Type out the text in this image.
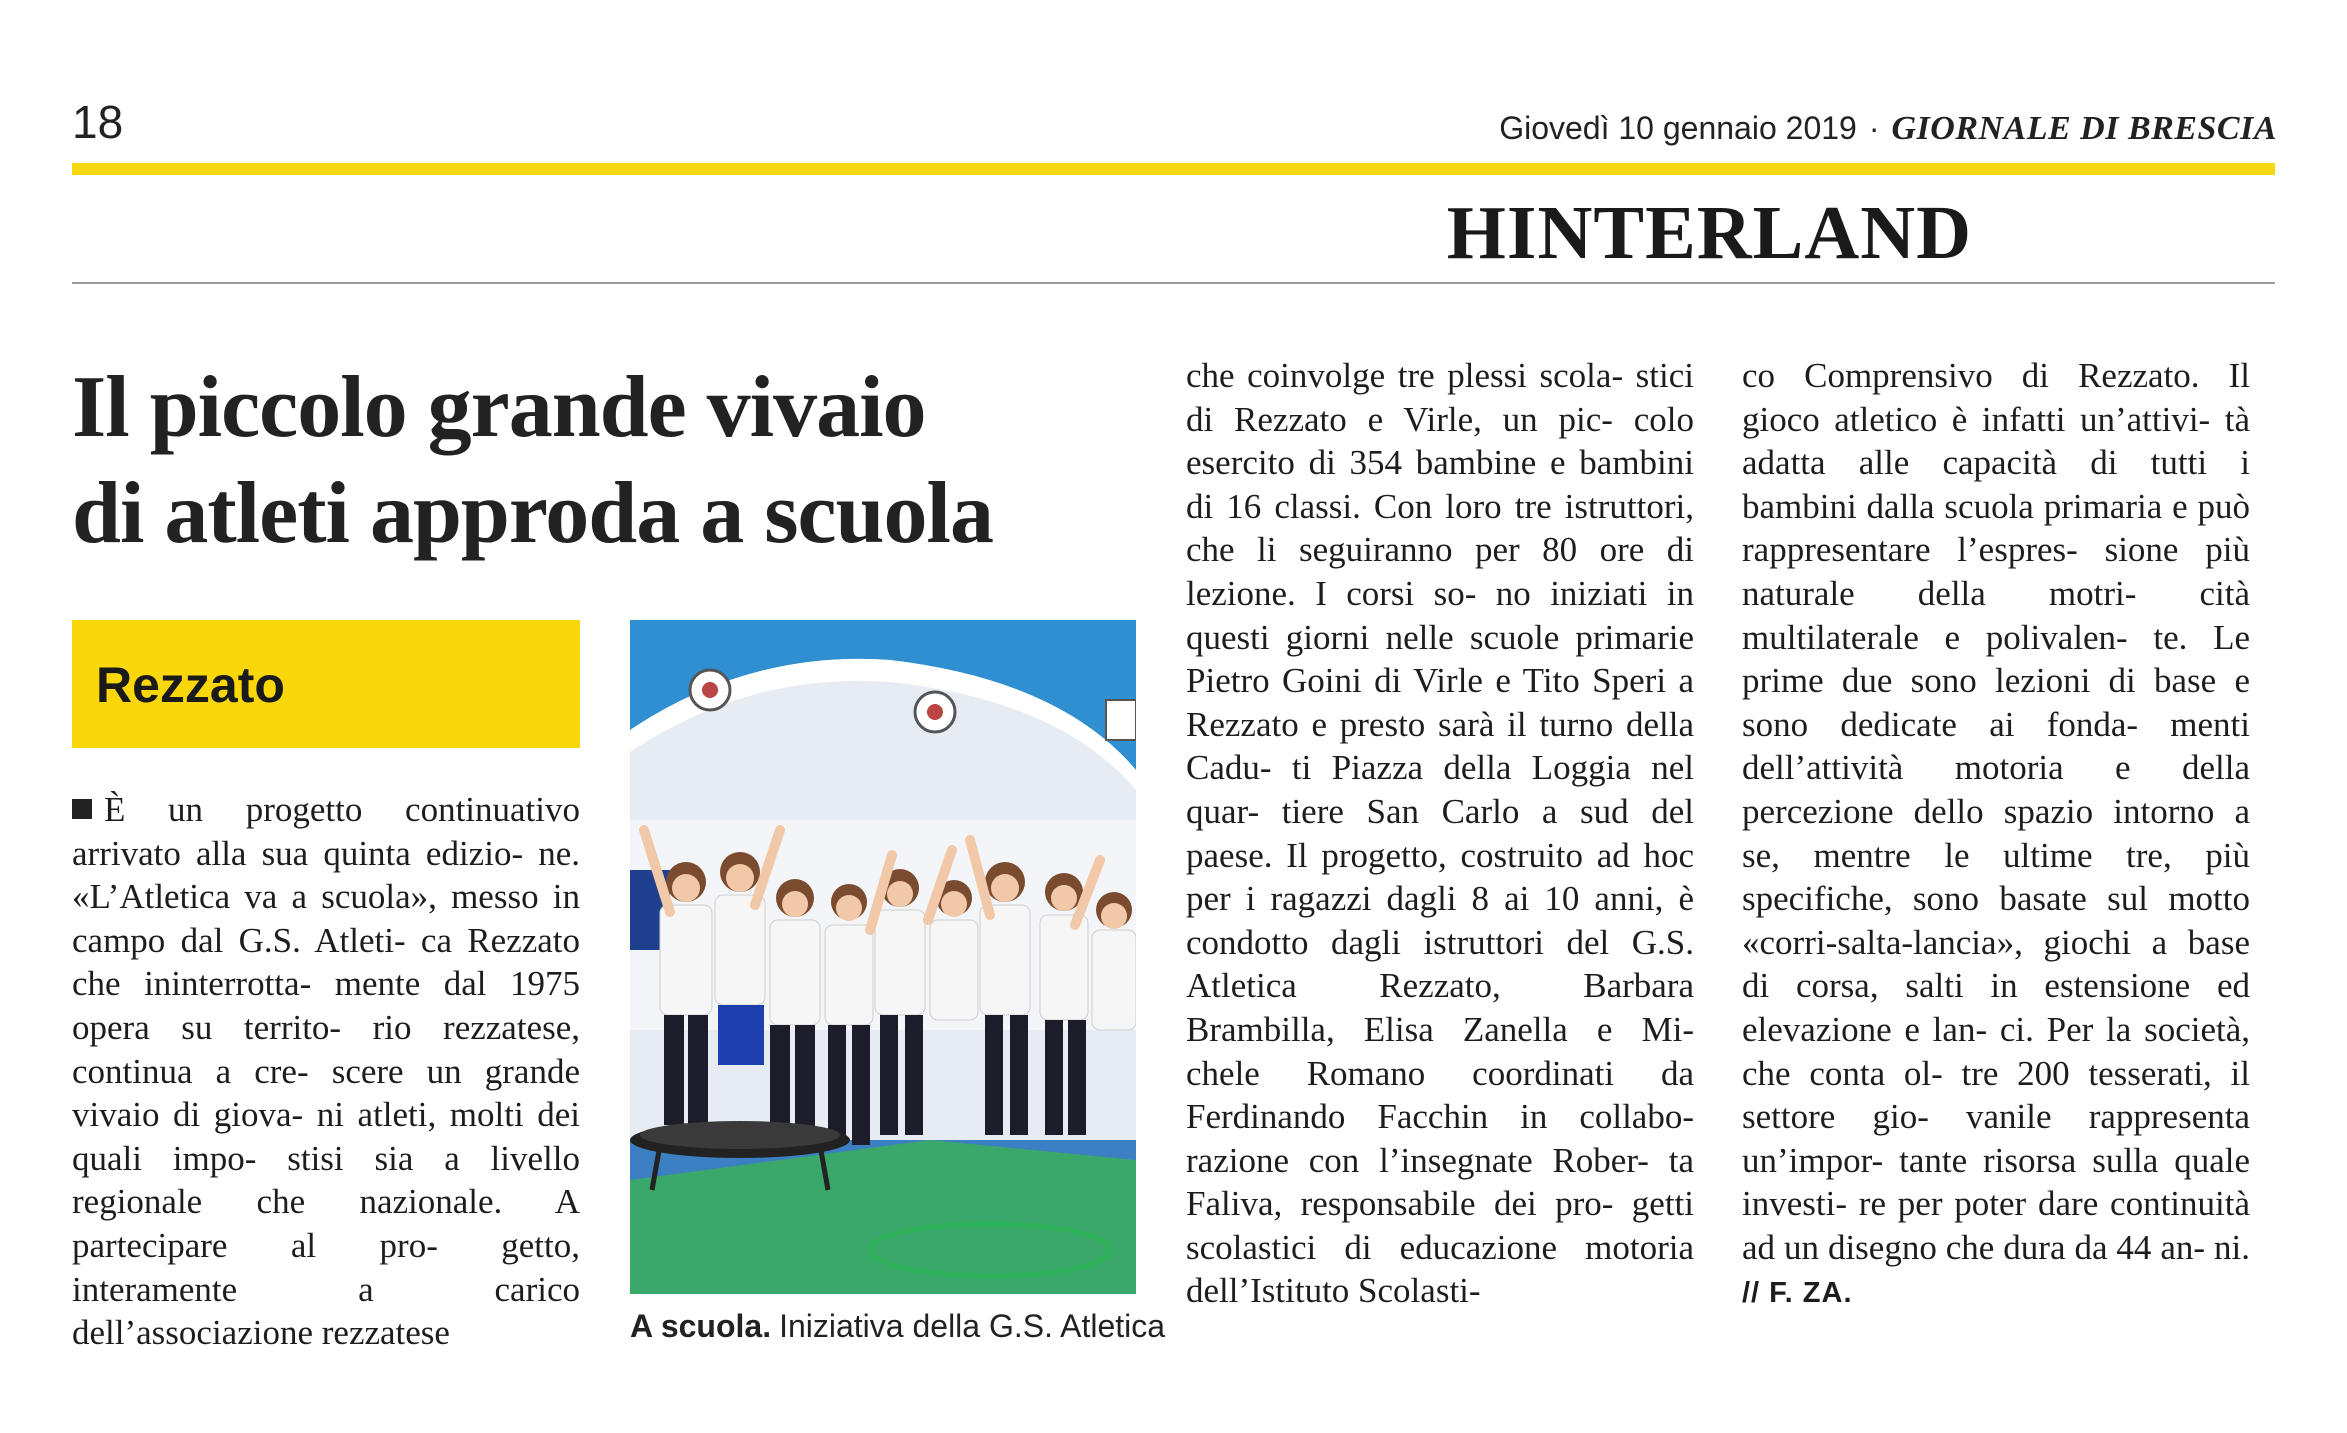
18	Giovedì 10 gennaio 2019 · GIORNALE DI BRESCIA
HINTERLAND
Il piccolo grande vivaio
di atleti approda a scuola
Rezzato
È un progetto continuativo arrivato alla sua quinta edizio- ne. «L’Atletica va a scuola», messo in campo dal G.S. Atleti- ca Rezzato che ininterrotta- mente dal 1975 opera su territo- rio rezzatese, continua a cre- scere un grande vivaio di giova- ni atleti, molti dei quali impo- stisi sia a livello regionale che nazionale. A partecipare al pro- getto, interamente a carico dell’associazione rezzatese	A scuola. Iniziativa della G.S. Atletica
che coinvolge tre plessi scola- stici di Rezzato e Virle, un pic- colo esercito di 354 bambine e bambini di 16 classi. Con loro tre istruttori, che li seguiranno per 80 ore di lezione. I corsi so- no iniziati in questi giorni nelle scuole primarie Pietro Goini di Virle e Tito Speri a Rezzato e presto sarà il turno della Cadu- ti Piazza della Loggia nel quar- tiere San Carlo a sud del paese. Il progetto, costruito ad hoc per i ragazzi dagli 8 ai 10 anni, è condotto dagli istruttori del G.S. Atletica Rezzato, Barbara Brambilla, Elisa Zanella e Mi- chele Romano coordinati da Ferdinando Facchin in collabo- razione con l’insegnate Rober- ta Faliva, responsabile dei pro- getti scolastici di educazione motoria dell’Istituto Scolasti-
co Comprensivo di Rezzato. Il gioco atletico è infatti un’attivi- tà adatta alle capacità di tutti i bambini dalla scuola primaria e può rappresentare l’espres- sione più naturale della motri- cità multilaterale e polivalen- te. Le prime due sono lezioni di base e sono dedicate ai fonda- menti dell’attività motoria e della percezione dello spazio intorno a se, mentre le ultime tre, più specifiche, sono basate sul motto «corri-salta-lancia», giochi a base di corsa, salti in estensione ed elevazione e lan- ci. Per la società, che conta ol- tre 200 tesserati, il settore gio- vanile rappresenta un’impor- tante risorsa sulla quale investi- re per poter dare continuità ad un disegno che dura da 44 an- ni. // F. ZA.
